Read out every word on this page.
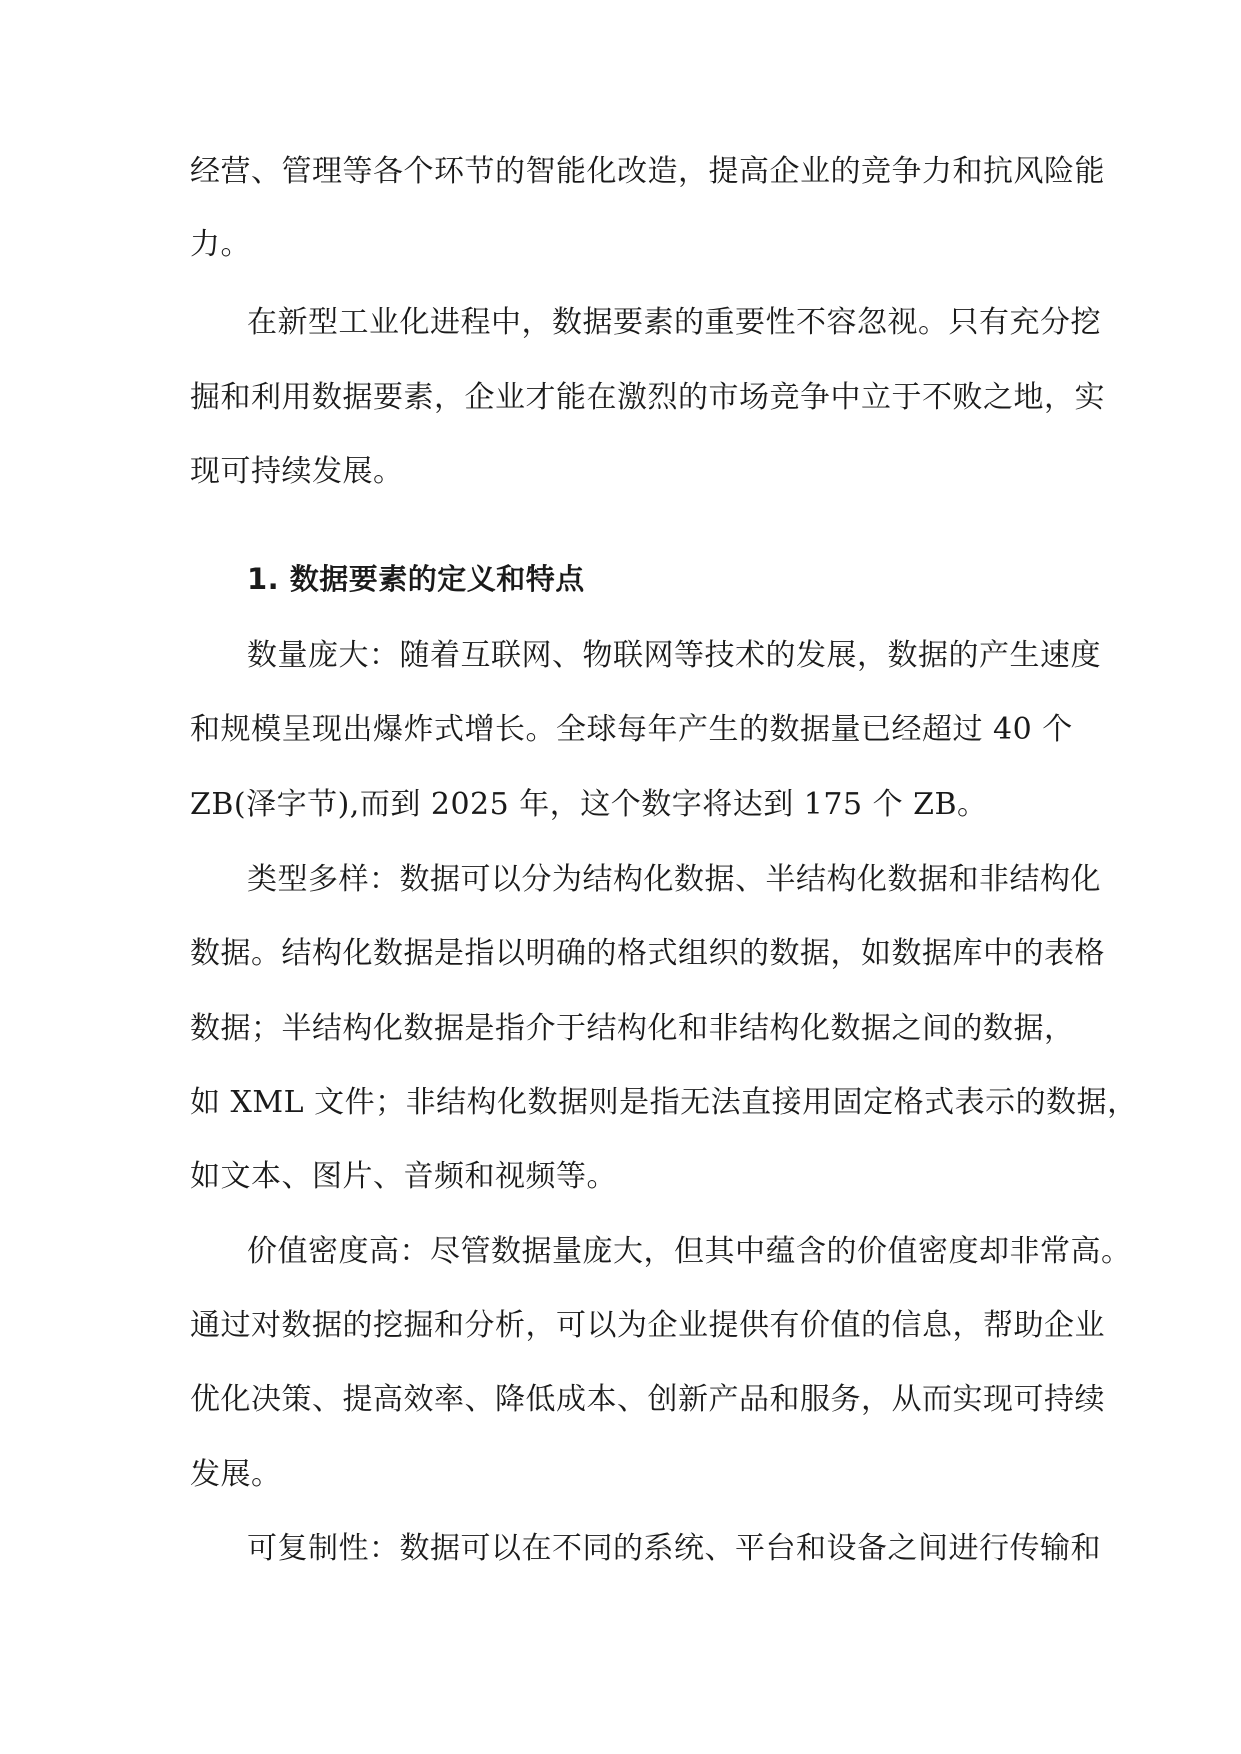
经营、管理等各个环节的智能化改造，提高企业的竞争力和抗风险能
力。
在新型工业化进程中，数据要素的重要性不容忽视。只有充分挖
掘和利用数据要素，企业才能在激烈的市场竞争中立于不败之地，实
现可持续发展。
1. 数据要素的定义和特点
数量庞大：随着互联网、物联网等技术的发展，数据的产生速度
和规模呈现出爆炸式增长。全球每年产生的数据量已经超过 40 个
ZB(泽字节),而到 2025 年，这个数字将达到 175 个 ZB。
类型多样：数据可以分为结构化数据、半结构化数据和非结构化
数据。结构化数据是指以明确的格式组织的数据，如数据库中的表格
数据；半结构化数据是指介于结构化和非结构化数据之间的数据，
如 XML 文件；非结构化数据则是指无法直接用固定格式表示的数据，
如文本、图片、音频和视频等。
价值密度高：尽管数据量庞大，但其中蕴含的价值密度却非常高。
通过对数据的挖掘和分析，可以为企业提供有价值的信息，帮助企业
优化决策、提高效率、降低成本、创新产品和服务，从而实现可持续
发展。
可复制性：数据可以在不同的系统、平台和设备之间进行传输和
